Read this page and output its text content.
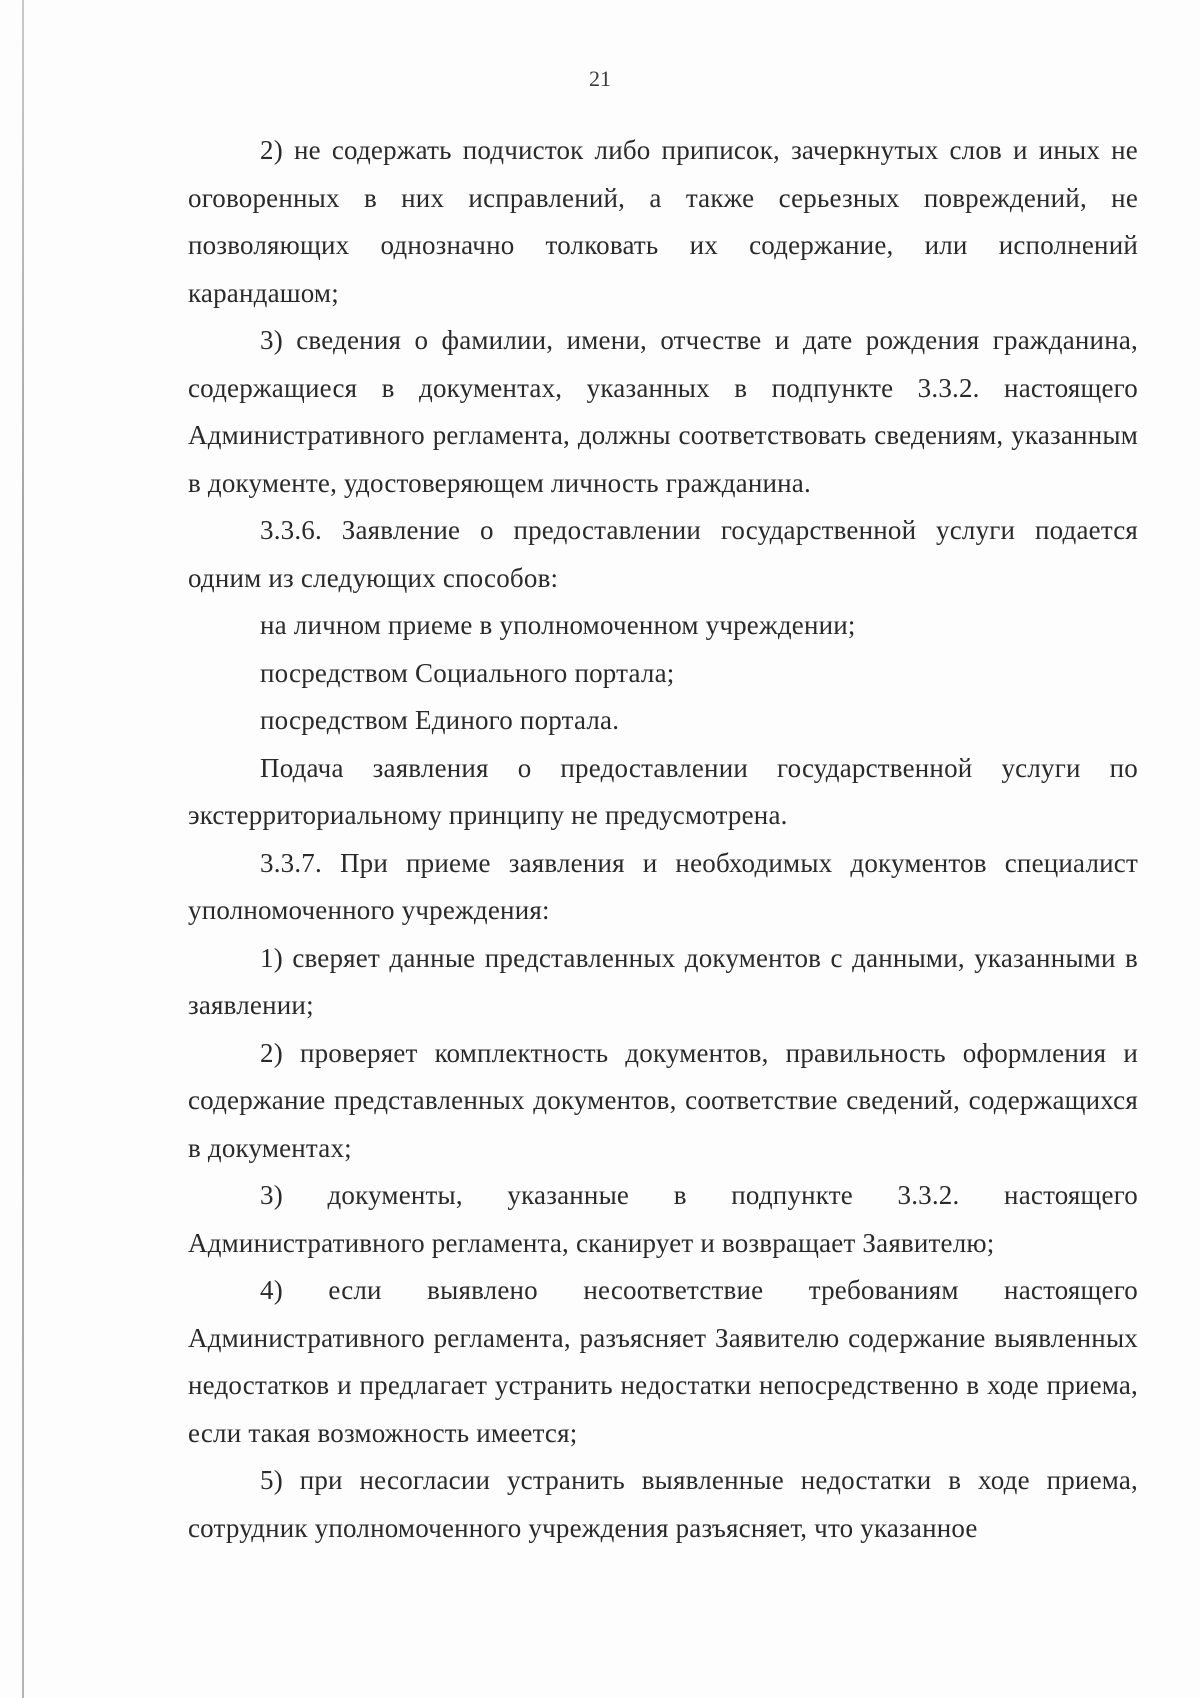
21

2) не содержать подчисток либо приписок, зачеркнутых слов и иных не оговоренных в них исправлений, а также серьезных повреждений, не позволяющих однозначно толковать их содержание, или исполнений карандашом;

3) сведения о фамилии, имени, отчестве и дате рождения гражданина, содержащиеся в документах, указанных в подпункте 3.3.2. настоящего Административного регламента, должны соответствовать сведениям, указанным в документе, удостоверяющем личность гражданина.

3.3.6. Заявление о предоставлении государственной услуги подается одним из следующих способов:

на личном приеме в уполномоченном учреждении;

посредством Социального портала;

посредством Единого портала.

Подача заявления о предоставлении государственной услуги по экстерриториальному принципу не предусмотрена.

3.3.7. При приеме заявления и необходимых документов специалист уполномоченного учреждения:

1) сверяет данные представленных документов с данными, указанными в заявлении;

2) проверяет комплектность документов, правильность оформления и содержание представленных документов, соответствие сведений, содержащихся в документах;

3) документы, указанные в подпункте 3.3.2. настоящего Административного регламента, сканирует и возвращает Заявителю;

4) если выявлено несоответствие требованиям настоящего Административного регламента, разъясняет Заявителю содержание выявленных недостатков и предлагает устранить недостатки непосредственно в ходе приема, если такая возможность имеется;

5) при несогласии устранить выявленные недостатки в ходе приема, сотрудник уполномоченного учреждения разъясняет, что указанное
